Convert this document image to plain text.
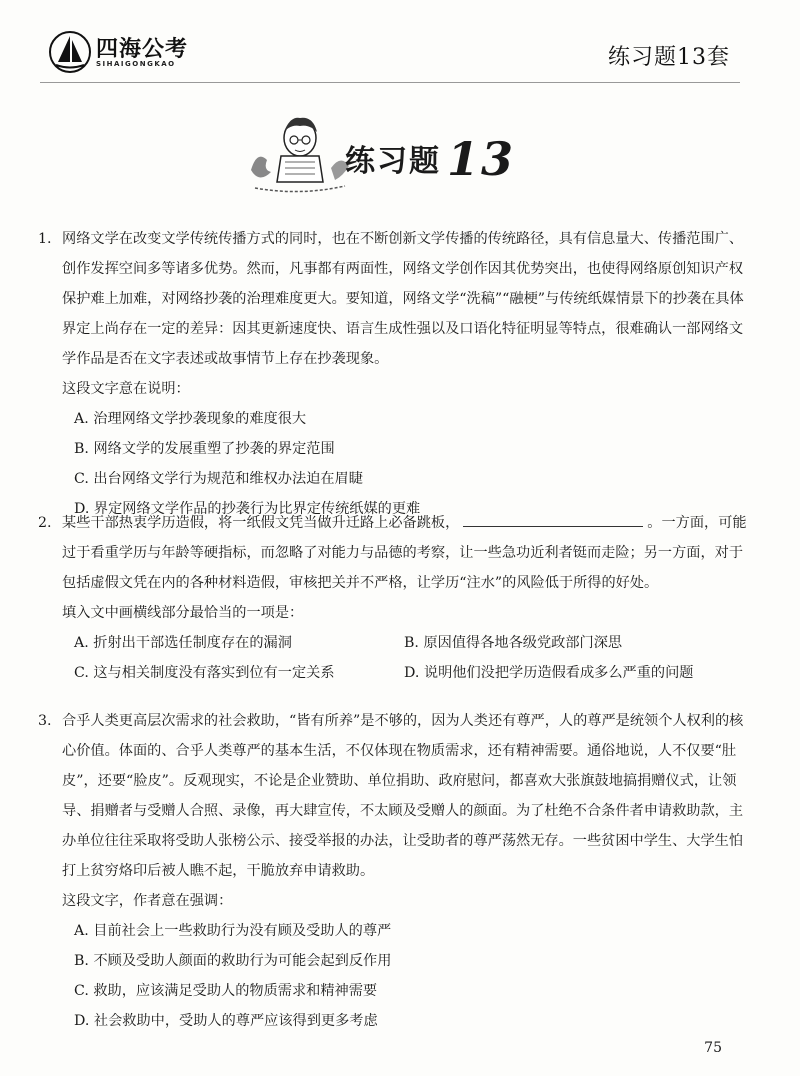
四海公考
SIHAIGONGKAO	练习题13套
练习题 13

1. 网络文学在改变文学传统传播方式的同时，也在不断创新文学传播的传统路径，具有信息量大、传播范围广、创作发挥空间多等诸多优势。然而，凡事都有两面性，网络文学创作因其优势突出，也使得网络原创知识产权保护难上加难，对网络抄袭的治理难度更大。要知道，网络文学“洗稿”“融梗”与传统纸媒情景下的抄袭在具体界定上尚存在一定的差异：因其更新速度快、语言生成性强以及口语化特征明显等特点，很难确认一部网络文学作品是否在文字表述或故事情节上存在抄袭现象。

这段文字意在说明：

A. 治理网络文学抄袭现象的难度很大

B. 网络文学的发展重塑了抄袭的界定范围

C. 出台网络文学行为规范和维权办法迫在眉睫

D. 界定网络文学作品的抄袭行为比界定传统纸媒的更难

2. 某些干部热衷学历造假，将一纸假文凭当做升迁路上必备跳板，	。一方面，可能过于看重学历与年龄等硬指标，而忽略了对能力与品德的考察，让一些急功近利者铤而走险；另一方面，对于包括虚假文凭在内的各种材料造假，审核把关并不严格，让学历“注水”的风险低于所得的好处。

填入文中画横线部分最恰当的一项是：

A. 折射出干部选任制度存在的漏洞	B. 原因值得各地各级党政部门深思

C. 这与相关制度没有落实到位有一定关系	D. 说明他们没把学历造假看成多么严重的问题

3. 合乎人类更高层次需求的社会救助，“皆有所养”是不够的，因为人类还有尊严，人的尊严是统领个人权利的核心价值。体面的、合乎人类尊严的基本生活，不仅体现在物质需求，还有精神需要。通俗地说，人不仅要“肚皮”，还要“脸皮”。反观现实，不论是企业赞助、单位捐助、政府慰问，都喜欢大张旗鼓地搞捐赠仪式，让领导、捐赠者与受赠人合照、录像，再大肆宣传，不太顾及受赠人的颜面。为了杜绝不合条件者申请救助款，主办单位往往采取将受助人张榜公示、接受举报的办法，让受助者的尊严荡然无存。一些贫困中学生、大学生怕打上贫穷烙印后被人瞧不起，干脆放弃申请救助。

这段文字，作者意在强调：

A. 目前社会上一些救助行为没有顾及受助人的尊严

B. 不顾及受助人颜面的救助行为可能会起到反作用

C. 救助，应该满足受助人的物质需求和精神需要

D. 社会救助中，受助人的尊严应该得到更多考虑

75
